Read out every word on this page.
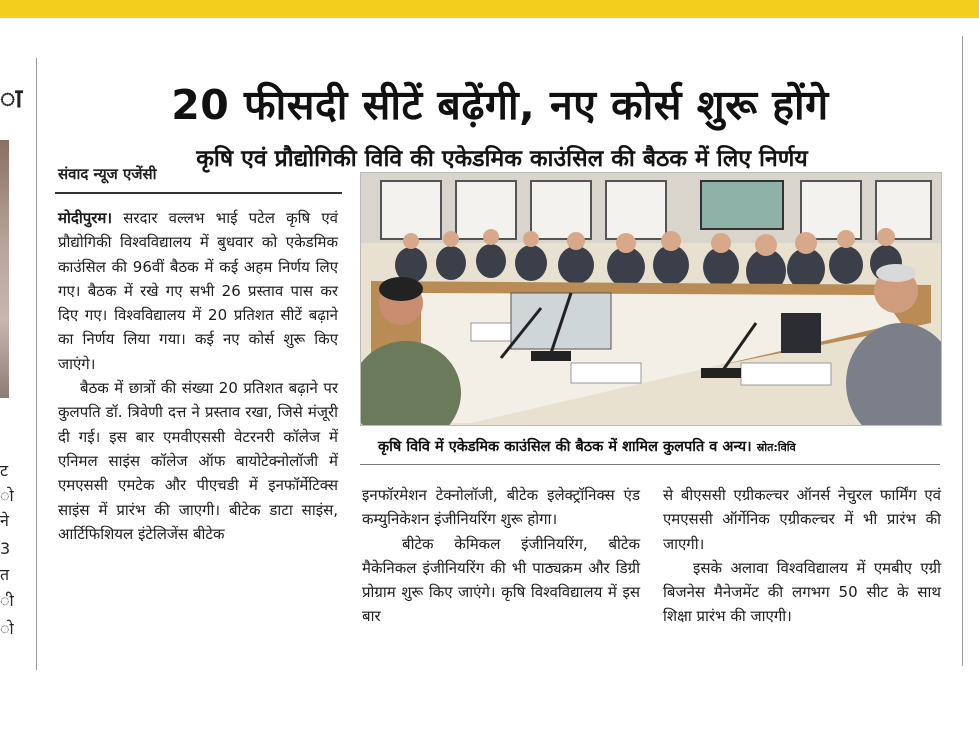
ा
ट
ो
ने
3
त
ी
ो
20 फीसदी सीटें बढ़ेंगी, नए कोर्स शुरू होंगे
कृषि एवं प्रौद्योगिकी विवि की एकेडमिक काउंसिल की बैठक में लिए निर्णय
संवाद न्यूज एजेंसी

मोदीपुरम। सरदार वल्लभ भाई पटेल कृषि एवं प्रौद्योगिकी विश्वविद्यालय में बुधवार को एकेडमिक काउंसिल की 96वीं बैठक में कई अहम निर्णय लिए गए। बैठक में रखे गए सभी 26 प्रस्ताव पास कर दिए गए। विश्वविद्यालय में 20 प्रतिशत सीटें बढ़ाने का निर्णय लिया गया। कई नए कोर्स शुरू किए जाएंगे।

बैठक में छात्रों की संख्या 20 प्रतिशत बढ़ाने पर कुलपति डॉ. त्रिवेणी दत्त ने प्रस्ताव रखा, जिसे मंजूरी दी गई। इस बार एमवीएससी वेटरनरी कॉलेज में एनिमल साइंस कॉलेज ऑफ बायोटेक्नोलॉजी में एमएससी एमटेक और पीएचडी में इनफॉर्मेटिक्स साइंस में प्रारंभ की जाएगी। बीटेक डाटा साइंस, आर्टिफिशियल इंटेलिजेंस बीटेक

कृषि विवि में एकेडमिक काउंसिल की बैठक में शामिल कुलपति व अन्य। स्रोत:विवि

इनफॉरमेशन टेक्नोलॉजी, बीटेक इलेक्ट्रॉनिक्स एंड कम्युनिकेशन इंजीनियरिंग शुरू होगा।

बीटेक केमिकल इंजीनियरिंग, बीटेक मैकेनिकल इंजीनियरिंग की भी पाठ्यक्रम और डिग्री प्रोग्राम शुरू किए जाएंगे। कृषि विश्वविद्यालय में इस बार

से बीएससी एग्रीकल्चर ऑनर्स नेचुरल फार्मिंग एवं एमएससी ऑर्गेनिक एग्रीकल्चर में भी प्रारंभ की जाएगी।

इसके अलावा विश्वविद्यालय में एमबीए एग्री बिजनेस मैनेजमेंट की लगभग 50 सीट के साथ शिक्षा प्रारंभ की जाएगी।
